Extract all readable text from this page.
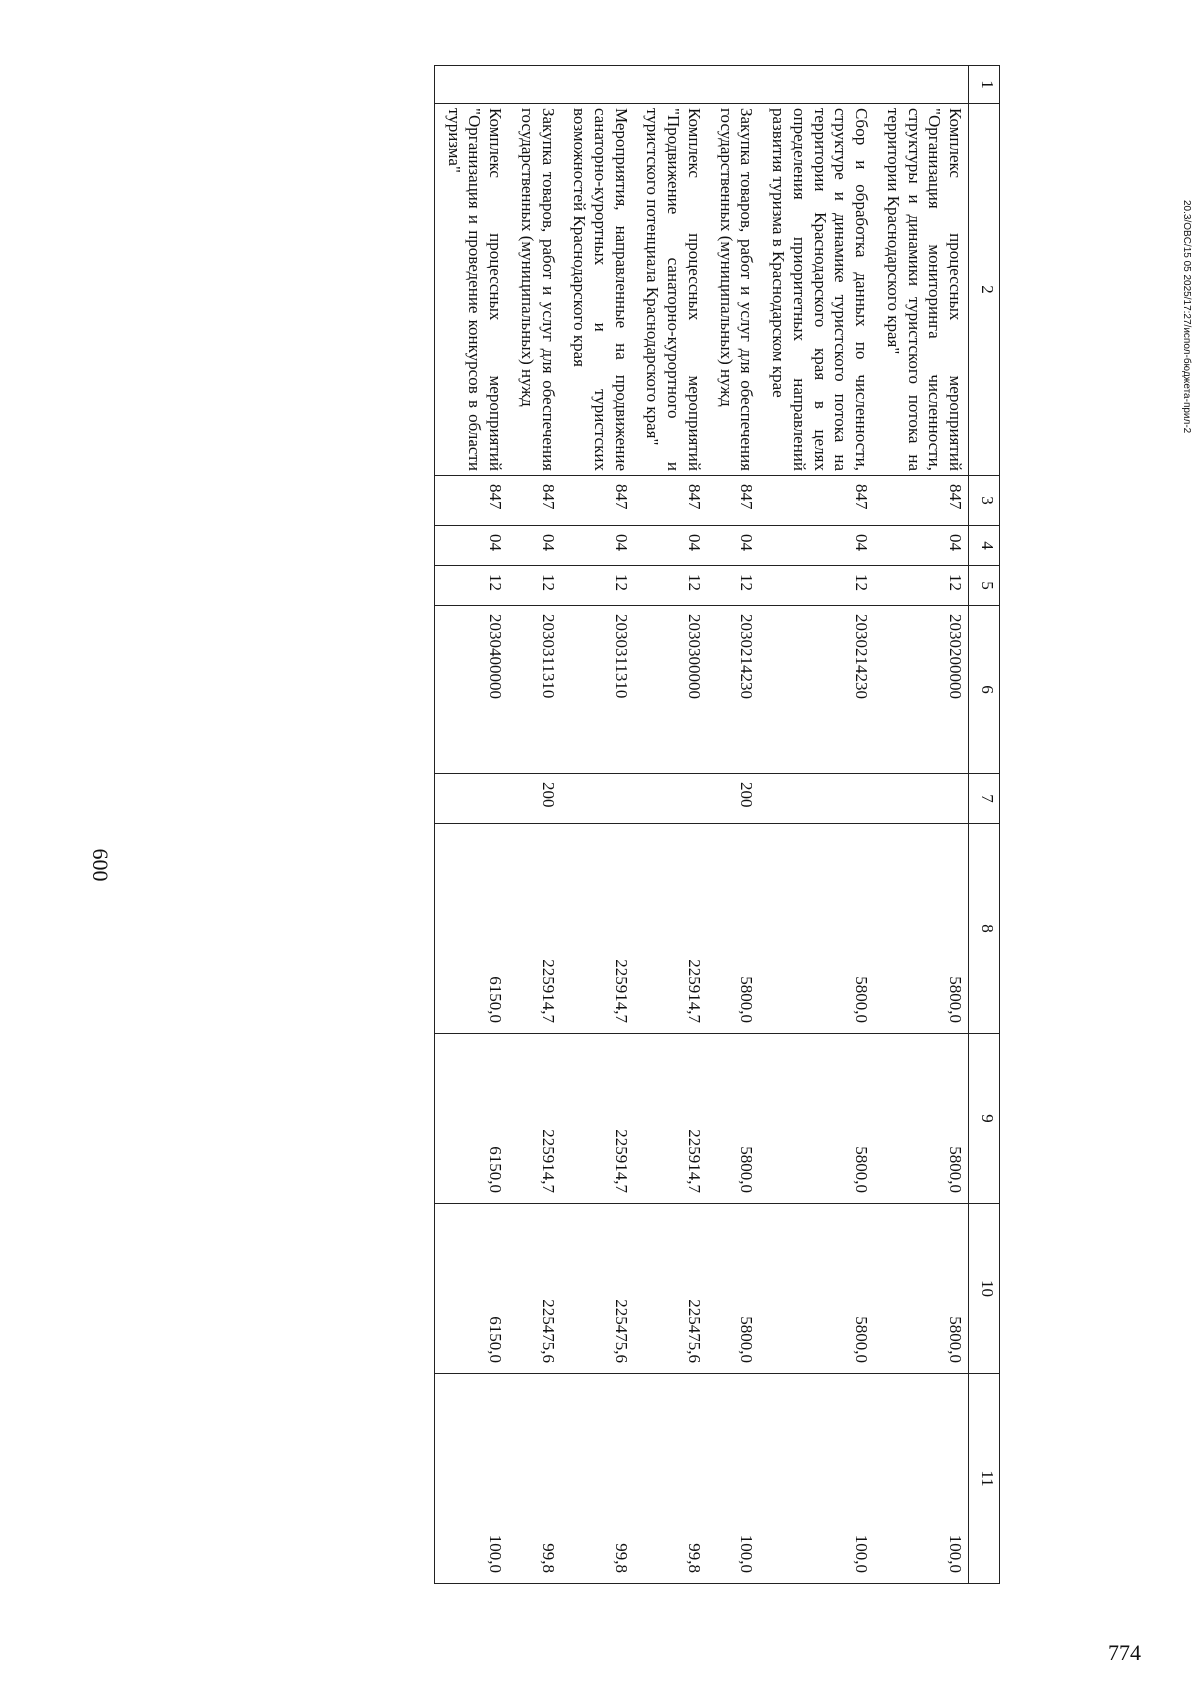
600
20.3/OBC/15 05 2025/17:27/испол-бюджета-прил-2
774
1	2	3	4	5	6	7	8	9	10	11
	Комплекс процессных мероприятий "Организация мониторинга численности, структуры и динамики туристского потока на территории Краснодарского края"	847	04	12	2030200000		5800,0	5800,0	5800,0	100,0
	Сбор и обработка данных по численности, структуре и динамике туристского потока на территории Краснодарского края в целях определения приоритетных направлений развития туризма в Краснодарском крае	847	04	12	2030214230		5800,0	5800,0	5800,0	100,0
	Закупка товаров, работ и услуг для обеспечения государственных (муниципальных) нужд	847	04	12	2030214230	200	5800,0	5800,0	5800,0	100,0
	Комплекс процессных мероприятий "Продвижение санаторно-курортного и туристского потенциала Краснодарского края"	847	04	12	2030300000		225914,7	225914,7	225475,6	99,8
	Мероприятия, направленные на продвижение санаторно-курортных и туристских возможностей Краснодарского края	847	04	12	2030311310		225914,7	225914,7	225475,6	99,8
	Закупка товаров, работ и услуг для обеспечения государственных (муниципальных) нужд	847	04	12	2030311310	200	225914,7	225914,7	225475,6	99,8
	Комплекс процессных мероприятий "Организация и проведение конкурсов в области туризма"	847	04	12	2030400000		6150,0	6150,0	6150,0	100,0
